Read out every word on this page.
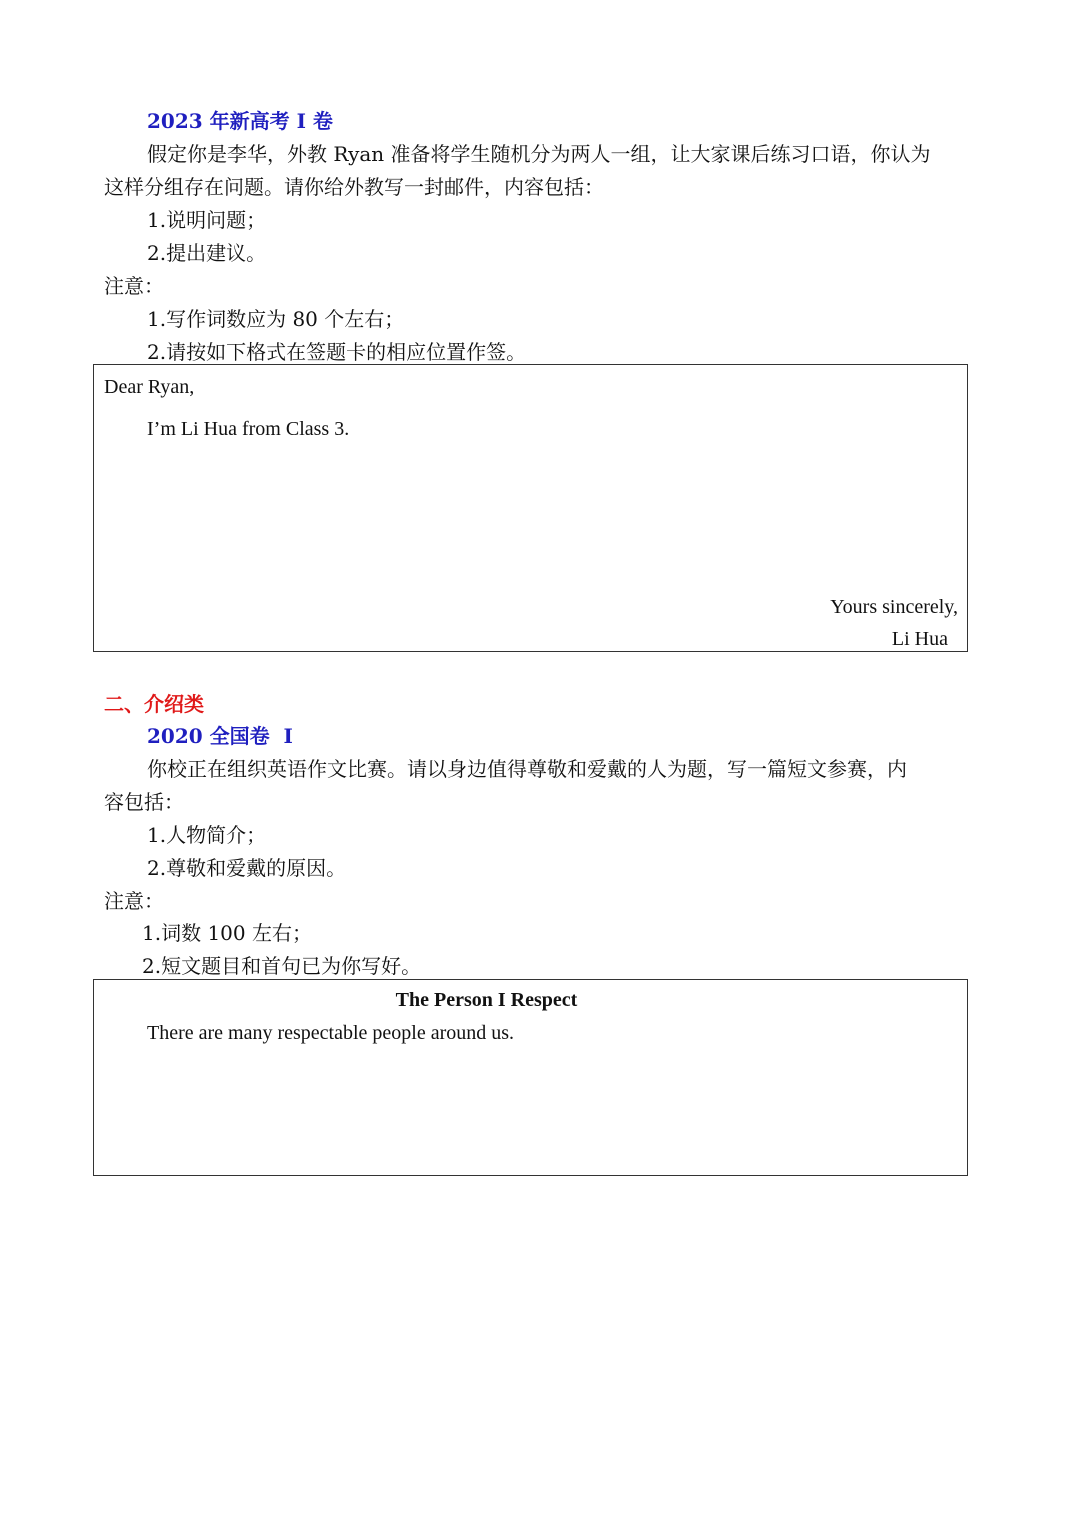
2023 年新高考 I 卷
假定你是李华，外教 Ryan 准备将学生随机分为两人一组，让大家课后练习口语，你认为
这样分组存在问题。请你给外教写一封邮件，内容包括：
1.说明问题；
2.提出建议。
注意：
1.写作词数应为 80 个左右；
2.请按如下格式在签题卡的相应位置作签。
Dear Ryan,
I’m Li Hua from Class 3.
Yours sincerely,
Li Hua
二、介绍类
2020 全国卷  I
你校正在组织英语作文比赛。请以身边值得尊敬和爱戴的人为题，写一篇短文参赛，内
容包括：
1.人物简介；
2.尊敬和爱戴的原因。
注意：
1.词数 100 左右；
2.短文题目和首句已为你写好。
The Person I Respect
There are many respectable people around us.
